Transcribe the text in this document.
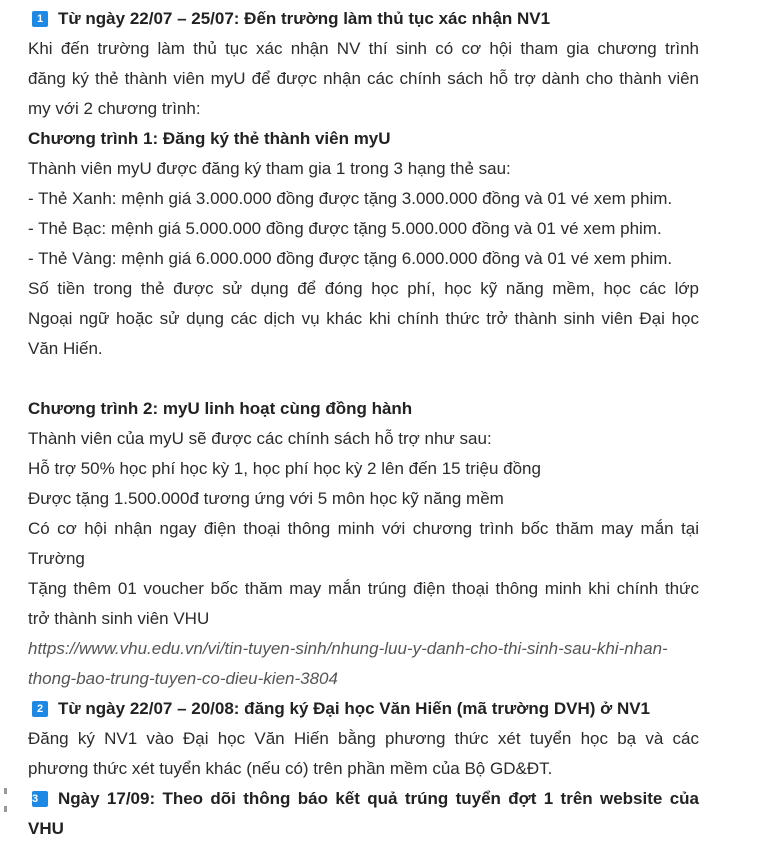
1 Từ ngày 22/07 – 25/07: Đến trường làm thủ tục xác nhận NV1
Khi đến trường làm thủ tục xác nhận NV thí sinh có cơ hội tham gia chương trình
đăng ký thẻ thành viên myU để được nhận các chính sách hỗ trợ dành cho thành viên
my với 2 chương trình:
Chương trình 1: Đăng ký thẻ thành viên myU
Thành viên myU được đăng ký tham gia 1 trong 3 hạng thẻ sau:
- Thẻ Xanh: mệnh giá 3.000.000 đồng được tặng 3.000.000 đồng và 01 vé xem phim.
- Thẻ Bạc: mệnh giá 5.000.000 đồng được tặng 5.000.000 đồng và 01 vé xem phim.
- Thẻ Vàng: mệnh giá 6.000.000 đồng được tặng 6.000.000 đồng và 01 vé xem phim.
Số tiền trong thẻ được sử dụng để đóng học phí, học kỹ năng mềm, học các lớp
Ngoại ngữ hoặc sử dụng các dịch vụ khác khi chính thức trở thành sinh viên Đại học
Văn Hiến.
Chương trình 2: myU linh hoạt cùng đồng hành
Thành viên của myU sẽ được các chính sách hỗ trợ như sau:
Hỗ trợ 50% học phí học kỳ 1, học phí học kỳ 2 lên đến 15 triệu đồng
Được tặng 1.500.000đ tương ứng với 5 môn học kỹ năng mềm
Có cơ hội nhận ngay điện thoại thông minh với chương trình bốc thăm may mắn tại
Trường
Tặng thêm 01 voucher bốc thăm may mắn trúng điện thoại thông minh khi chính thức
trở thành sinh viên VHU
https://www.vhu.edu.vn/vi/tin-tuyen-sinh/nhung-luu-y-danh-cho-thi-sinh-sau-khi-nhan-
thong-bao-trung-tuyen-co-dieu-kien-3804
2 Từ ngày 22/07 – 20/08: đăng ký Đại học Văn Hiến (mã trường DVH) ở NV1
Đăng ký NV1 vào Đại học Văn Hiến bằng phương thức xét tuyển học bạ và các
phương thức xét tuyển khác (nếu có) trên phần mềm của Bộ GD&ĐT.
3 Ngày 17/09: Theo dõi thông báo kết quả trúng tuyển đợt 1 trên website của
VHU
